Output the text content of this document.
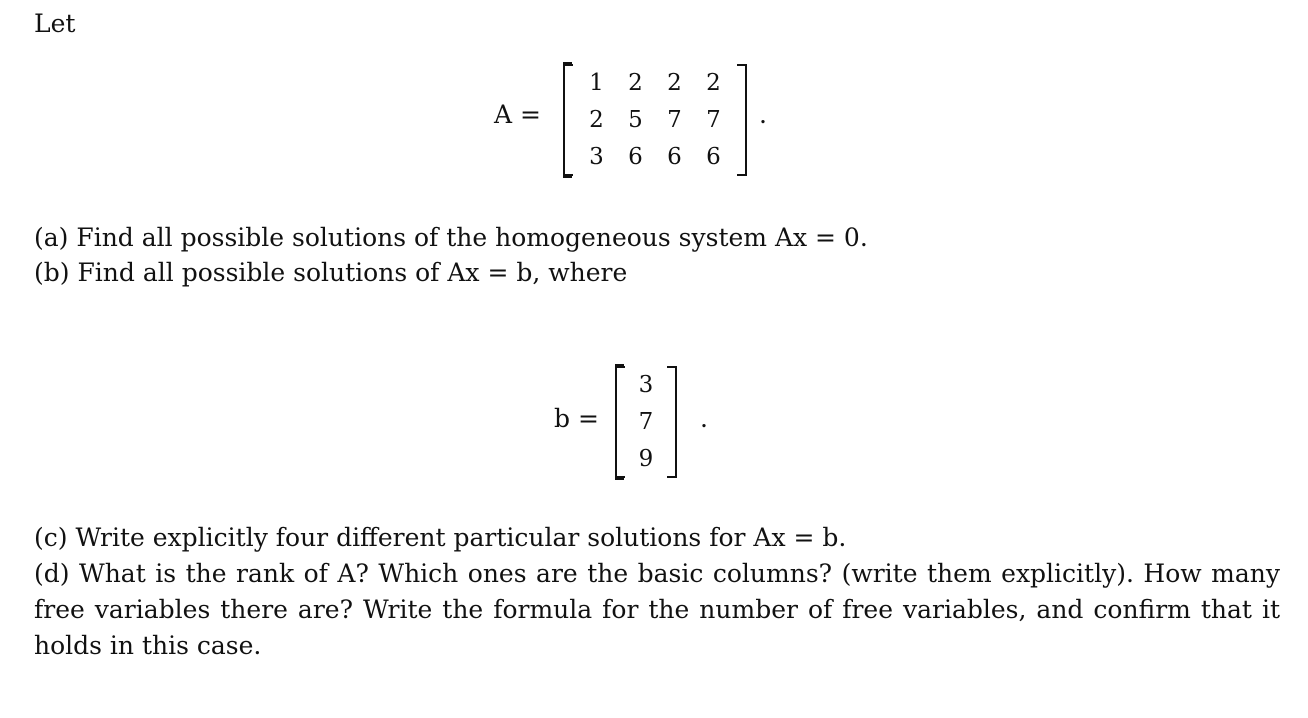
Let

A =
1 2 2 2
2 5 7 7
3 6 6 6
.

(a) Find all possible solutions of the homogeneous system Ax = 0.

(b) Find all possible solutions of Ax = b, where

b =
3
7
9
.

(c) Write explicitly four different particular solutions for Ax = b.

(d) What is the rank of A? Which ones are the basic columns? (write them explicitly). How many free variables there are? Write the formula for the number of free variables, and confirm that it holds in this case.
